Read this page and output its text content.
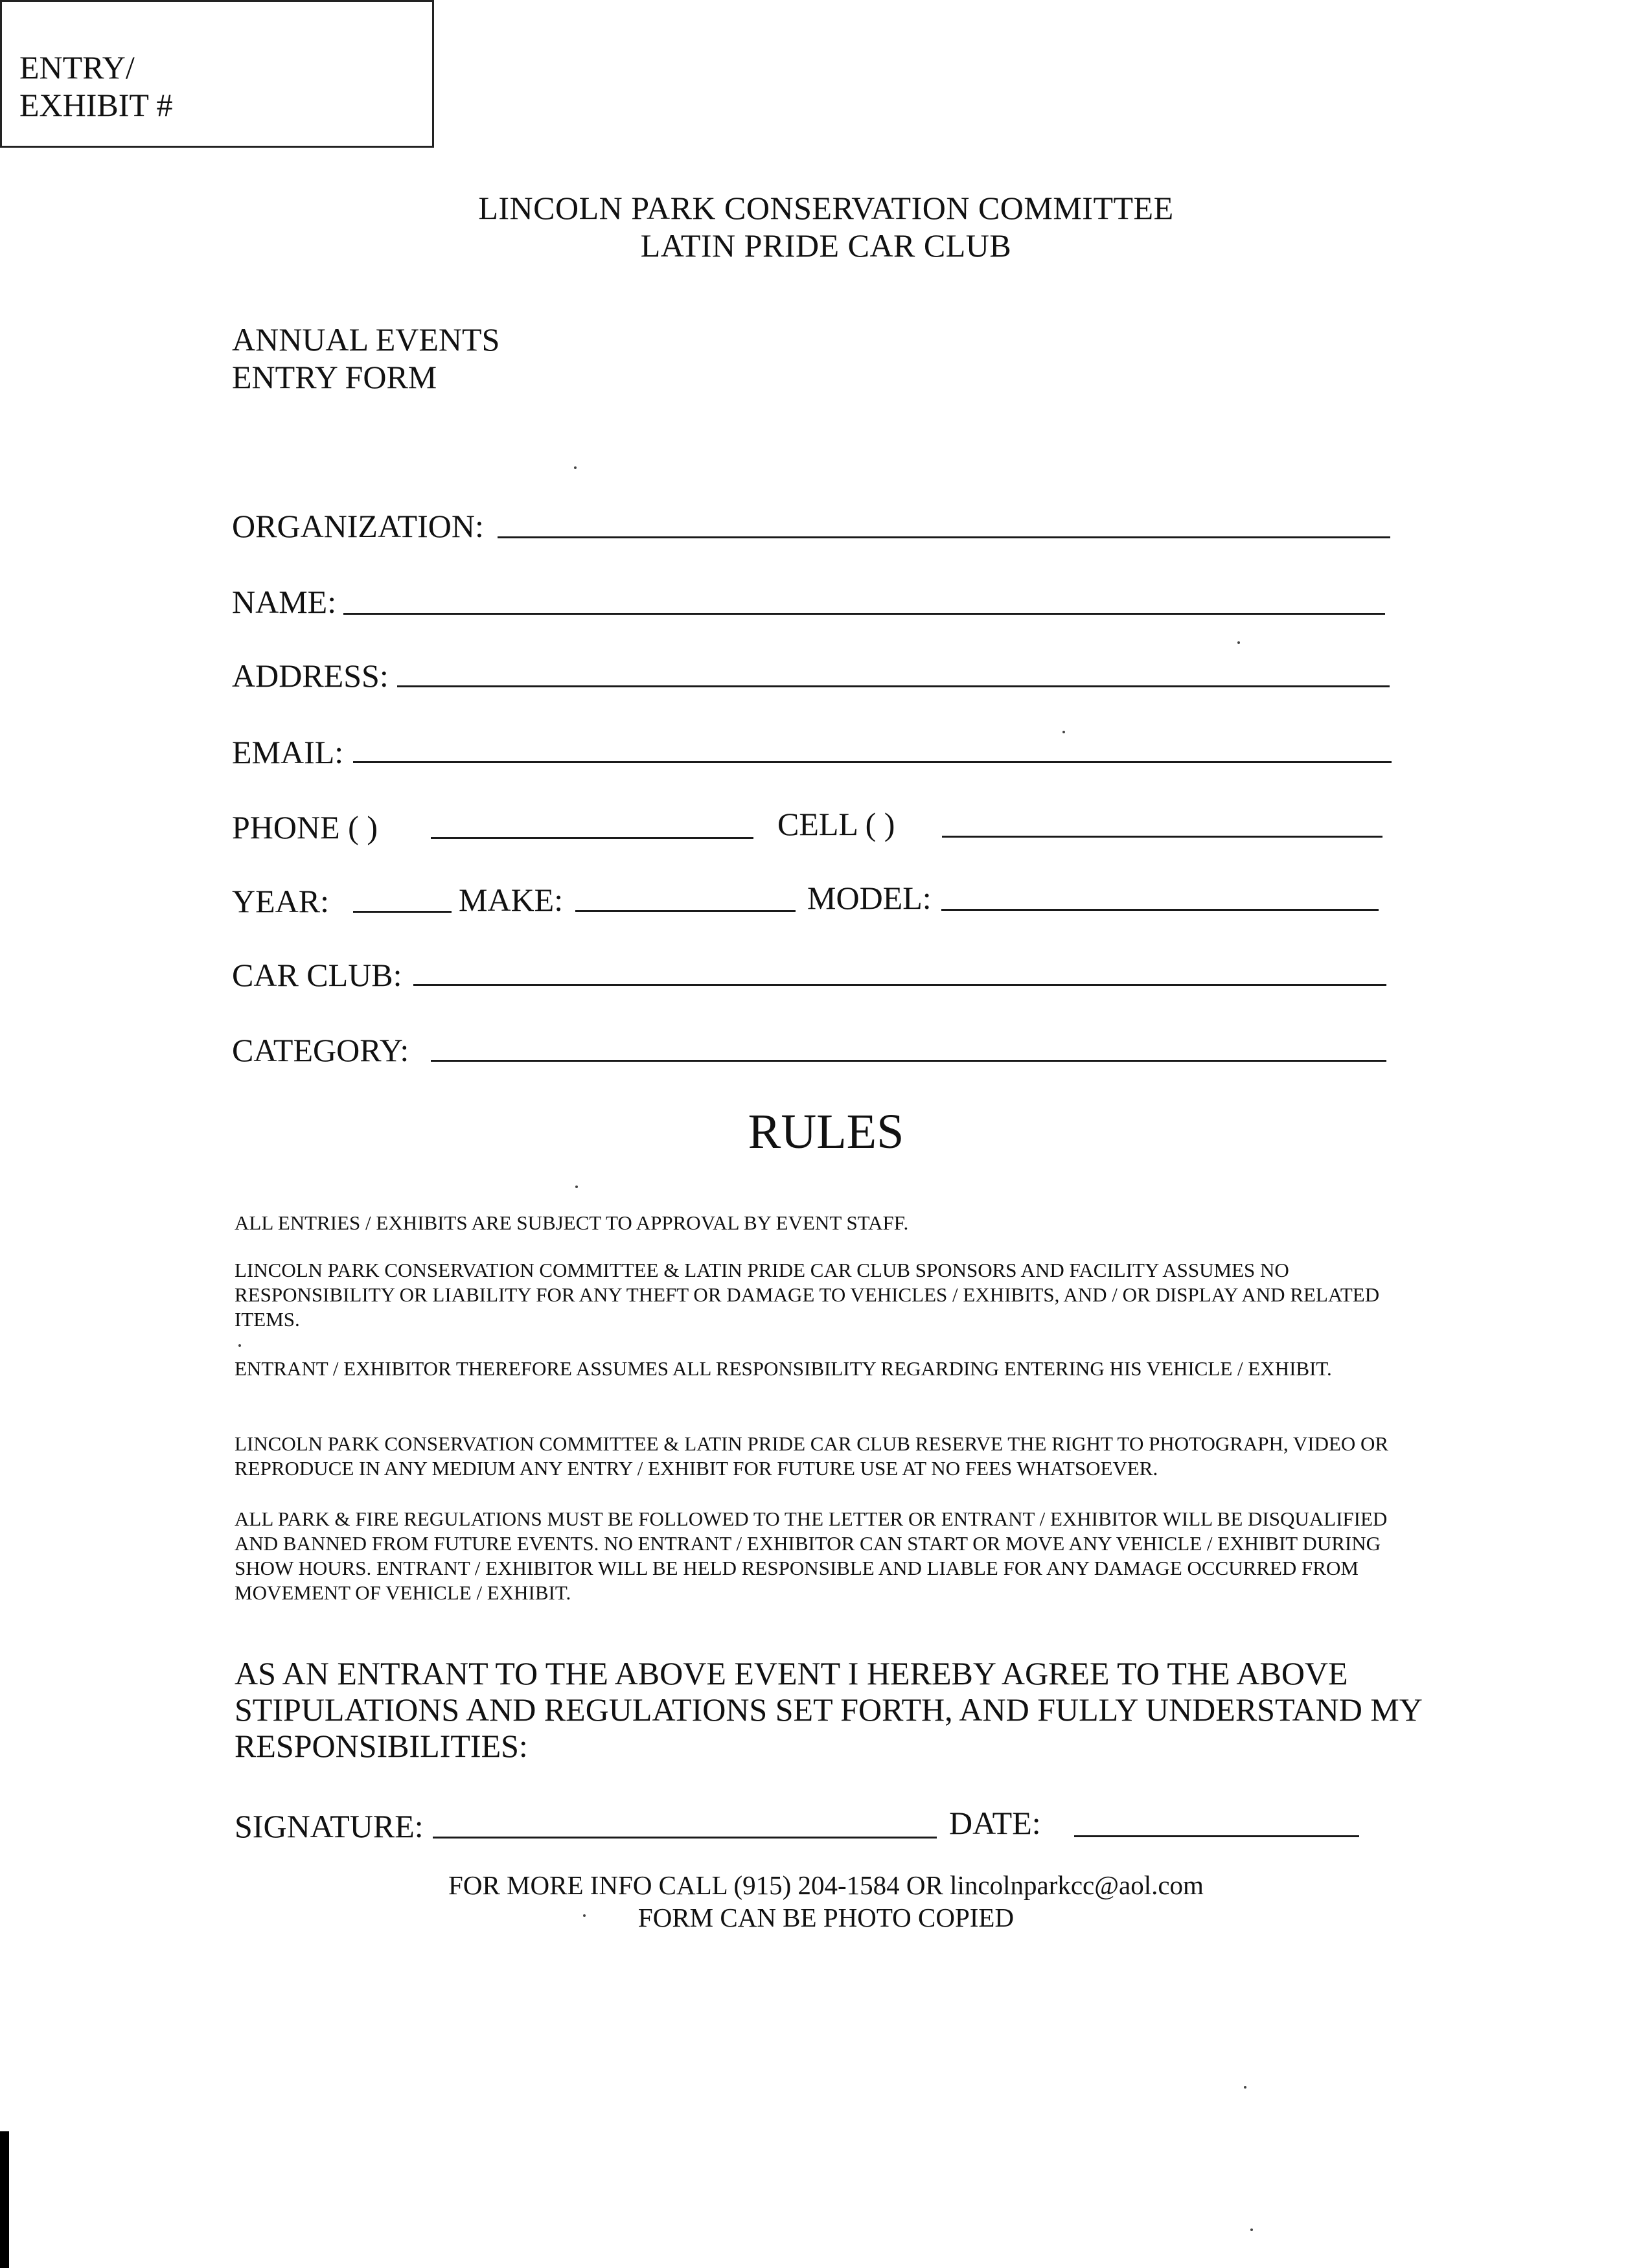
LINCOLN PARK CONSERVATION COMMITTEE
LATIN PRIDE CAR CLUB
ANNUAL EVENTS
ENTRY FORM
ENTRY/
EXHIBIT #
ORGANIZATION:
NAME:
ADDRESS:
EMAIL:
PHONE ( )	CELL ( )
YEAR:	MAKE:	MODEL:
CAR CLUB:
CATEGORY:
RULES
ALL ENTRIES / EXHIBITS ARE SUBJECT TO APPROVAL BY EVENT STAFF.
LINCOLN PARK CONSERVATION COMMITTEE & LATIN PRIDE CAR CLUB SPONSORS AND FACILITY ASSUMES NO RESPONSIBILITY OR LIABILITY FOR ANY THEFT OR DAMAGE TO VEHICLES / EXHIBITS, AND / OR DISPLAY AND RELATED ITEMS.
ENTRANT / EXHIBITOR THEREFORE ASSUMES ALL RESPONSIBILITY REGARDING ENTERING HIS VEHICLE / EXHIBIT.
LINCOLN PARK CONSERVATION COMMITTEE & LATIN PRIDE CAR CLUB RESERVE THE RIGHT TO PHOTOGRAPH, VIDEO OR REPRODUCE IN ANY MEDIUM ANY ENTRY / EXHIBIT FOR FUTURE USE AT NO FEES WHATSOEVER.
ALL PARK & FIRE REGULATIONS MUST BE FOLLOWED TO THE LETTER OR ENTRANT / EXHIBITOR WILL BE DISQUALIFIED AND BANNED FROM FUTURE EVENTS. NO ENTRANT / EXHIBITOR CAN START OR MOVE ANY VEHICLE / EXHIBIT DURING SHOW HOURS. ENTRANT / EXHIBITOR WILL BE HELD RESPONSIBLE AND LIABLE FOR ANY DAMAGE OCCURRED FROM MOVEMENT OF VEHICLE / EXHIBIT.
AS AN ENTRANT TO THE ABOVE EVENT I HEREBY AGREE TO THE ABOVE STIPULATIONS AND REGULATIONS SET FORTH, AND FULLY UNDERSTAND MY RESPONSIBILITIES:
SIGNATURE:	DATE:
FOR MORE INFO CALL (915) 204-1584 OR lincolnparkcc@aol.com
FORM CAN BE PHOTO COPIED
